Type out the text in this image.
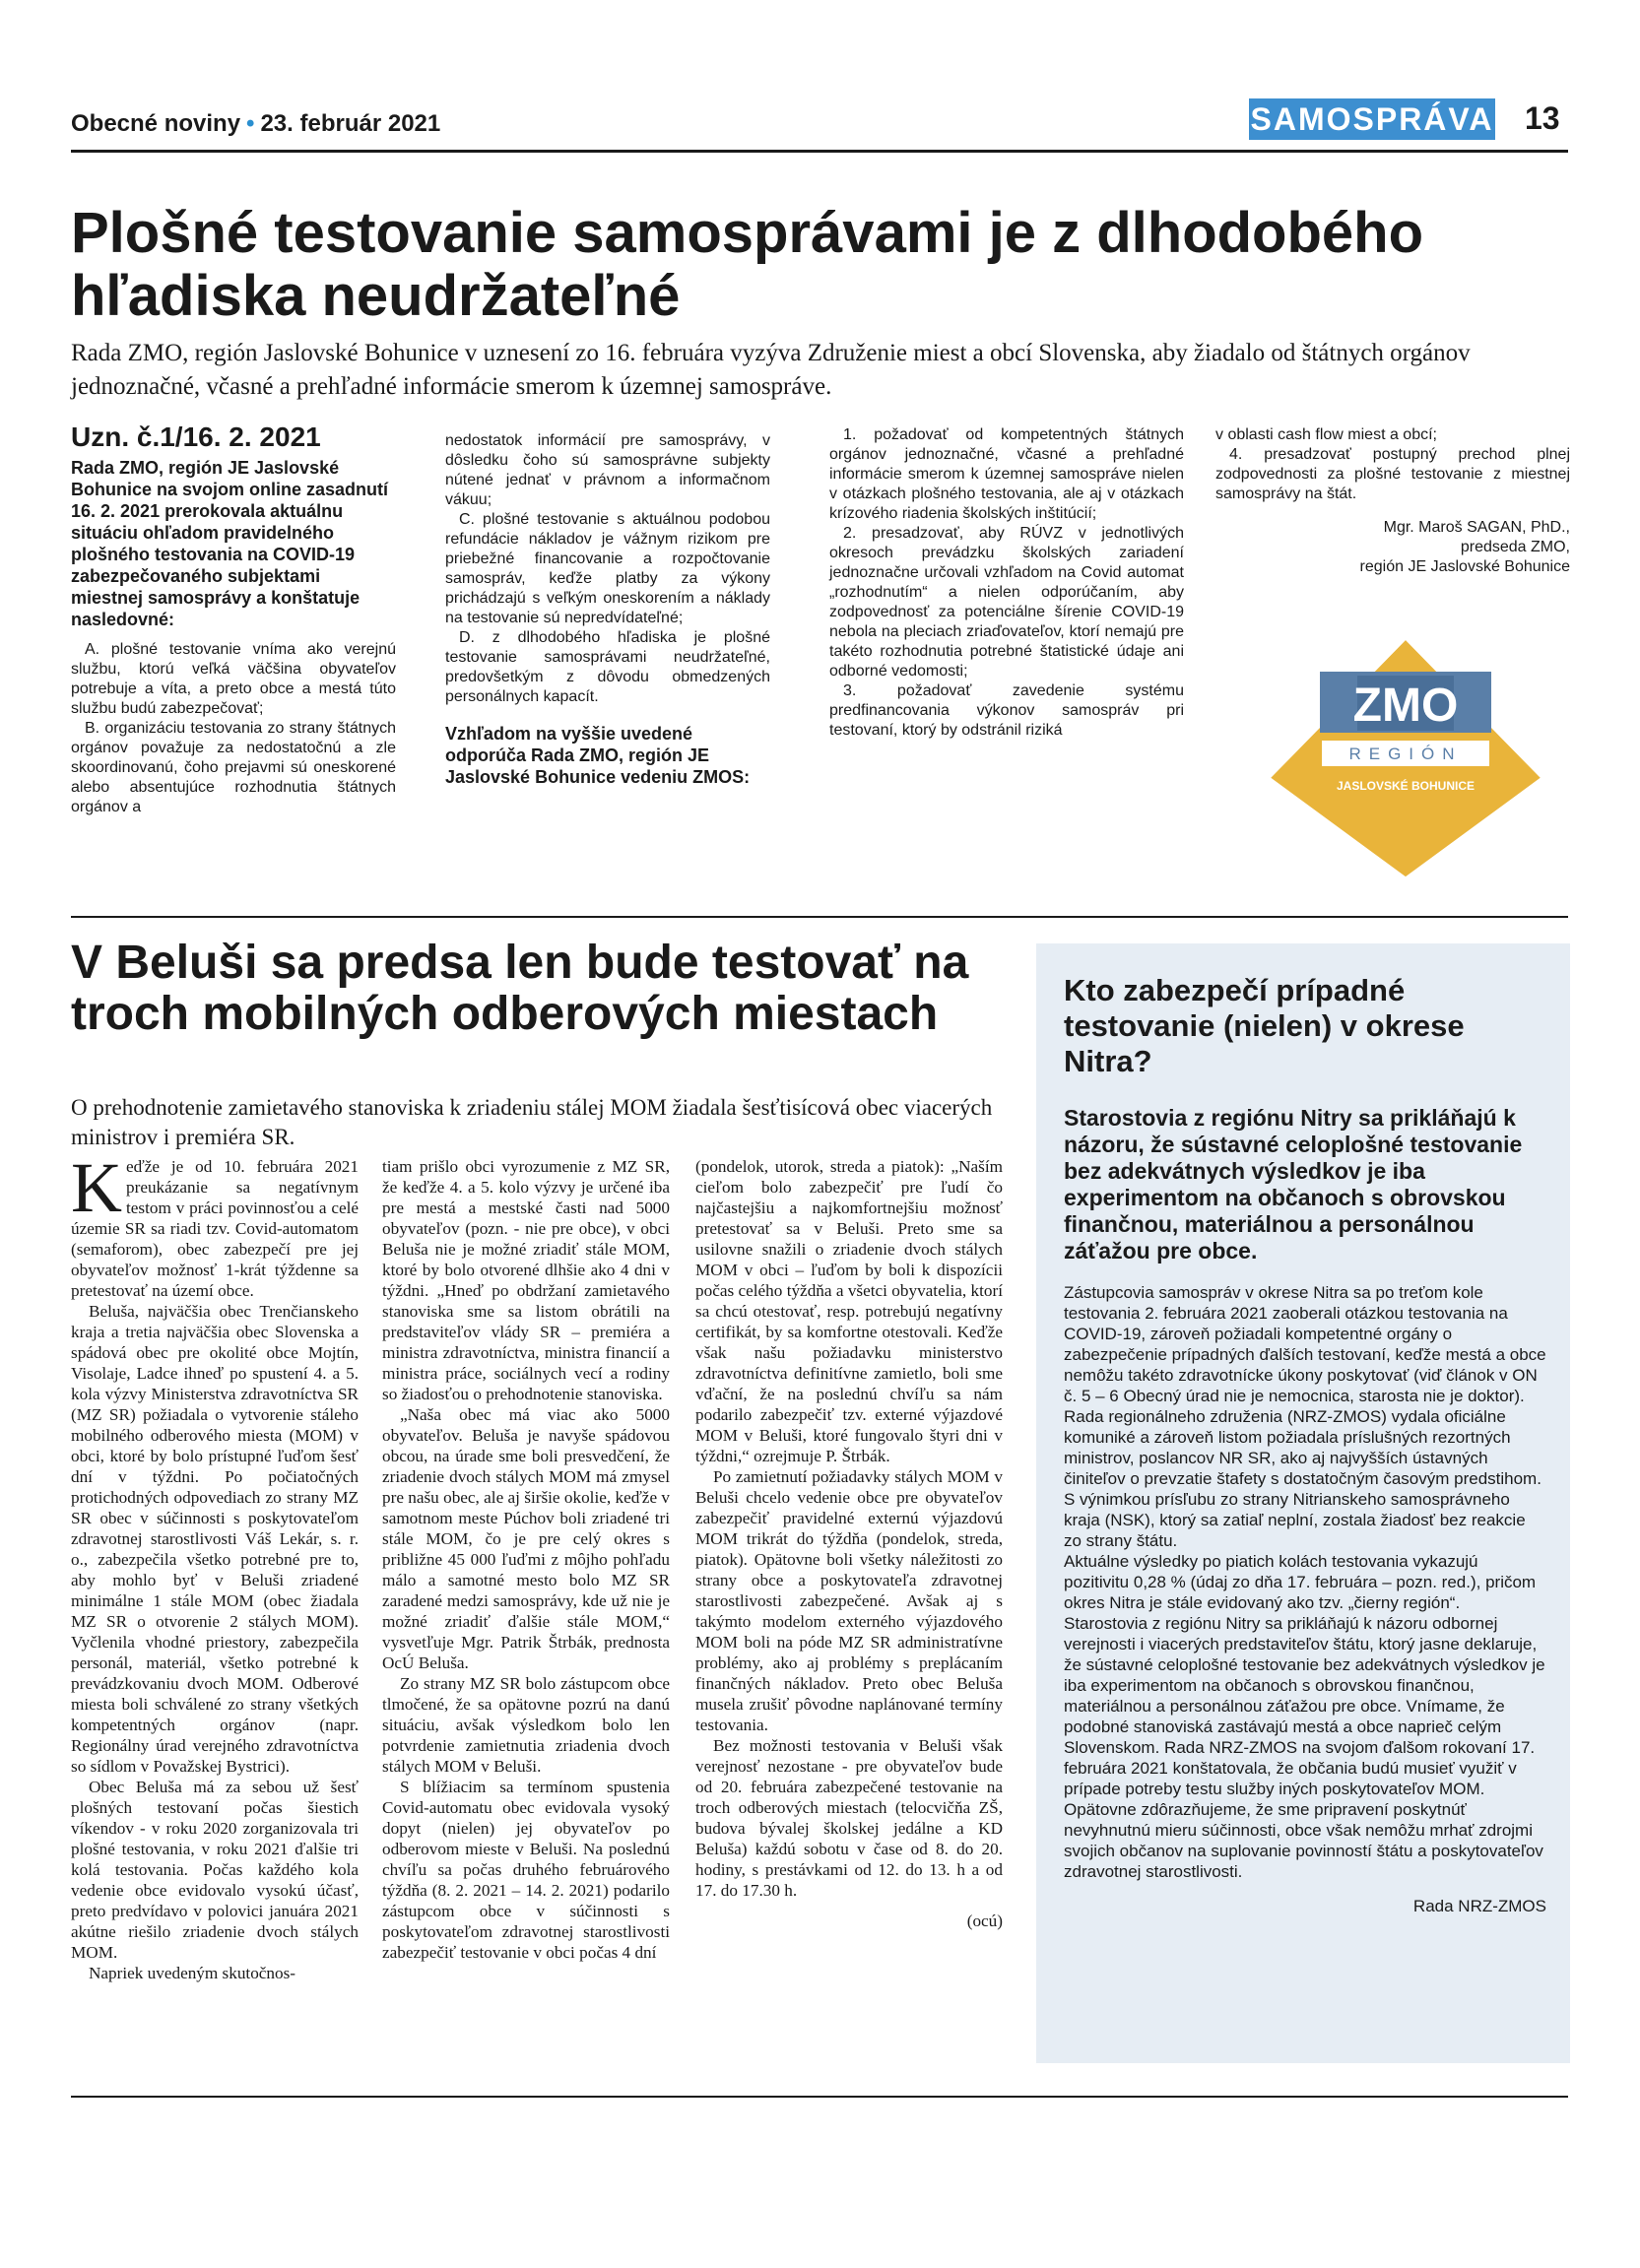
Obecné noviny • 23. február 2021	SAMOSPRÁVA 13
Plošné testovanie samosprávami je z dlhodobého hľadiska neudržateľné
Rada ZMO, región Jaslovské Bohunice v uznesení zo 16. februára vyzýva Združenie miest a obcí Slovenska, aby žiadalo od štátnych orgánov jednoznačné, včasné a prehľadné informácie smerom k územnej samospráve.
Uzn. č.1/16. 2. 2021
Rada ZMO, región JE Jaslovské Bohunice na svojom online zasadnutí 16. 2. 2021 prerokovala aktuálnu situáciu ohľadom pravidelného plošného testovania na COVID-19 zabezpečovaného subjektami miestnej samosprávy a konštatuje nasledovné:

A. plošné testovanie vníma ako verejnú službu, ktorú veľká väčšina obyvateľov potrebuje a víta, a preto obce a mestá túto službu budú zabezpečovať;

B. organizáciu testovania zo strany štátnych orgánov považuje za nedostatočnú a zle skoordinovanú, čoho prejavmi sú oneskorené alebo absentujúce rozhodnutia štátnych orgánov a

nedostatok informácií pre samosprávy, v dôsledku čoho sú samosprávne subjekty nútené jednať v právnom a informačnom vákuu;

C. plošné testovanie s aktuálnou podobou refundácie nákladov je vážnym rizikom pre priebežné financovanie a rozpočtovanie samospráv, keďže platby za výkony prichádzajú s veľkým oneskorením a náklady na testovanie sú nepredvídateľné;

D. z dlhodobého hľadiska je plošné testovanie samosprávami neudržateľné, predovšetkým z dôvodu obmedzených personálnych kapacít.

Vzhľadom na vyššie uvedené odporúča Rada ZMO, región JE Jaslovské Bohunice vedeniu ZMOS:

1. požadovať od kompetentných štátnych orgánov jednoznačné, včasné a prehľadné informácie smerom k územnej samospráve nielen v otázkach plošného testovania, ale aj v otázkach krízového riadenia školských inštitúcií;

2. presadzovať, aby RÚVZ v jednotlivých okresoch prevádzku školských zariadení jednoznačne určovali vzhľadom na Covid automat „rozhodnutím“ a nielen odporúčaním, aby zodpovednosť za potenciálne šírenie COVID-19 nebola na pleciach zriaďovateľov, ktorí nemajú pre takéto rozhodnutia potrebné štatistické údaje ani odborné vedomosti;

3. požadovať zavedenie systému predfinancovania výkonov samospráv pri testovaní, ktorý by odstránil riziká

v oblasti cash flow miest a obcí;

4. presadzovať postupný prechod plnej zodpovednosti za plošné testovanie z miestnej samosprávy na štát.

Mgr. Maroš SAGAN, PhD.,
predseda ZMO,
región JE Jaslovské Bohunice
ZMO
REGIÓN
JASLOVSKÉ BOHUNICE
V Beluši sa predsa len bude testovať na troch mobilných odberových miestach
O prehodnotenie zamietavého stanoviska k zriadeniu stálej MOM žiadala šesťtisícová obec viacerých ministrov i premiéra SR.

Keďže je od 10. februára 2021 preukázanie sa negatívnym testom v práci povinnosťou a celé územie SR sa riadi tzv. Covid-automatom (semaforom), obec zabezpečí pre jej obyvateľov možnosť 1-krát týždenne sa pretestovať na území obce.

Beluša, najväčšia obec Trenčianskeho kraja a tretia najväčšia obec Slovenska a spádová obec pre okolité obce Mojtín, Visolaje, Ladce ihneď po spustení 4. a 5. kola výzvy Ministerstva zdravotníctva SR (MZ SR) požiadala o vytvorenie stáleho mobilného odberového miesta (MOM) v obci, ktoré by bolo prístupné ľuďom šesť dní v týždni. Po počiatočných protichodných odpovediach zo strany MZ SR obec v súčinnosti s poskytovateľom zdravotnej starostlivosti Váš Lekár, s. r. o., zabezpečila všetko potrebné pre to, aby mohlo byť v Beluši zriadené minimálne 1 stále MOM (obec žiadala MZ SR o otvorenie 2 stálych MOM). Vyčlenila vhodné priestory, zabezpečila personál, materiál, všetko potrebné k prevádzkovaniu dvoch MOM. Odberové miesta boli schválené zo strany všetkých kompetentných orgánov (napr. Regionálny úrad verejného zdravotníctva so sídlom v Považskej Bystrici).

Obec Beluša má za sebou už šesť plošných testovaní počas šiestich víkendov - v roku 2020 zorganizovala tri plošné testovania, v roku 2021 ďalšie tri kolá testovania. Počas každého kola vedenie obce evidovalo vysokú účasť, preto predvídavo v polovici januára 2021 akútne riešilo zriadenie dvoch stálych MOM.

Napriek uvedeným skutočnos-

tiam prišlo obci vyrozumenie z MZ SR, že keďže 4. a 5. kolo výzvy je určené iba pre mestá a mestské časti nad 5000 obyvateľov (pozn. - nie pre obce), v obci Beluša nie je možné zriadiť stále MOM, ktoré by bolo otvorené dlhšie ako 4 dni v týždni. „Hneď po obdržaní zamietavého stanoviska sme sa listom obrátili na predstaviteľov vlády SR – premiéra a ministra zdravotníctva, ministra financií a ministra práce, sociálnych vecí a rodiny so žiadosťou o prehodnotenie stanoviska.

„Naša obec má viac ako 5000 obyvateľov. Beluša je navyše spádovou obcou, na úrade sme boli presvedčení, že zriadenie dvoch stálych MOM má zmysel pre našu obec, ale aj širšie okolie, keďže v samotnom meste Púchov boli zriadené tri stále MOM, čo je pre celý okres s približne 45 000 ľuďmi z môjho pohľadu málo a samotné mesto bolo MZ SR zaradené medzi samosprávy, kde už nie je možné zriadiť ďalšie stále MOM,“ vysvetľuje Mgr. Patrik Štrbák, prednosta OcÚ Beluša.

Zo strany MZ SR bolo zástupcom obce tlmočené, že sa opätovne pozrú na danú situáciu, avšak výsledkom bolo len potvrdenie zamietnutia zriadenia dvoch stálych MOM v Beluši.

S blížiacim sa termínom spustenia Covid-automatu obec evidovala vysoký dopyt (nielen) jej obyvateľov po odberovom mieste v Beluši. Na poslednú chvíľu sa počas druhého februárového týždňa (8. 2. 2021 – 14. 2. 2021) podarilo zástupcom obce v súčinnosti s poskytovateľom zdravotnej starostlivosti zabezpečiť testovanie v obci počas 4 dní

(pondelok, utorok, streda a piatok): „Naším cieľom bolo zabezpečiť pre ľudí čo najčastejšiu a najkomfortnejšiu možnosť pretestovať sa v Beluši. Preto sme sa usilovne snažili o zriadenie dvoch stálych MOM v obci – ľuďom by boli k dispozícii počas celého týždňa a všetci obyvatelia, ktorí sa chcú otestovať, resp. potrebujú negatívny certifikát, by sa komfortne otestovali. Keďže však našu požiadavku ministerstvo zdravotníctva definitívne zamietlo, boli sme vďační, že na poslednú chvíľu sa nám podarilo zabezpečiť tzv. externé výjazdové MOM v Beluši, ktoré fungovalo štyri dni v týždni,“ ozrejmuje P. Štrbák.

Po zamietnutí požiadavky stálych MOM v Beluši chcelo vedenie obce pre obyvateľov zabezpečiť pravidelné externú výjazdovú MOM trikrát do týždňa (pondelok, streda, piatok). Opätovne boli všetky náležitosti zo strany obce a poskytovateľa zdravotnej starostlivosti zabezpečené. Avšak aj s takýmto modelom externého výjazdového MOM boli na póde MZ SR administratívne problémy, ako aj problémy s preplácaním finančných nákladov. Preto obec Beluša musela zrušiť pôvodne naplánované termíny testovania.

Bez možnosti testovania v Beluši však verejnosť nezostane - pre obyvateľov bude od 20. februára zabezpečené testovanie na troch odberových miestach (telocvičňa ZŠ, budova bývalej školskej jedálne a KD Beluša) každú sobotu v čase od 8. do 20. hodiny, s prestávkami od 12. do 13. h a od 17. do 17.30 h.

(ocú)
Kto zabezpečí prípadné testovanie (nielen) v okrese Nitra?
Starostovia z regiónu Nitry sa prikláňajú k názoru, že sústavné celoplošné testovanie bez adekvátnych výsledkov je iba experimentom na občanoch s obrovskou finančnou, materiálnou a personálnou záťažou pre obce.

Zástupcovia samospráv v okrese Nitra sa po treťom kole testovania 2. februára 2021 zaoberali otázkou testovania na COVID-19, zároveň požiadali kompetentné orgány o zabezpečenie prípadných ďalších testovaní, keďže mestá a obce nemôžu takéto zdravotnícke úkony poskytovať (viď článok v ON č. 5 – 6 Obecný úrad nie je nemocnica, starosta nie je doktor).

Rada regionálneho združenia (NRZ-ZMOS) vydala oficiálne komuniké a zároveň listom požiadala príslušných rezortných ministrov, poslancov NR SR, ako aj najvyšších ústavných činiteľov o prevzatie štafety s dostatočným časovým predstihom.

S výnimkou prísľubu zo strany Nitrianskeho samosprávneho kraja (NSK), ktorý sa zatiaľ neplní, zostala žiadosť bez reakcie zo strany štátu.

Aktuálne výsledky po piatich kolách testovania vykazujú pozitivitu 0,28 % (údaj zo dňa 17. februára – pozn. red.), pričom okres Nitra je stále evidovaný ako tzv. „čierny región“.

Starostovia z regiónu Nitry sa prikláňajú k názoru odbornej verejnosti i viacerých predstaviteľov štátu, ktorý jasne deklaruje, že sústavné celoplošné testovanie bez adekvátnych výsledkov je iba experimentom na občanoch s obrovskou finančnou, materiálnou a personálnou záťažou pre obce. Vnímame, že podobné stanoviská zastávajú mestá a obce naprieč celým Slovenskom. Rada NRZ-ZMOS na svojom ďalšom rokovaní 17. februára 2021 konštatovala, že občania budú musieť využiť v prípade potreby testu služby iných poskytovateľov MOM.

Opätovne zdôrazňujeme, že sme pripravení poskytnúť nevyhnutnú mieru súčinnosti, obce však nemôžu mrhať zdrojmi svojich občanov na suplovanie povinností štátu a poskytovateľov zdravotnej starostlivosti.

Rada NRZ-ZMOS
